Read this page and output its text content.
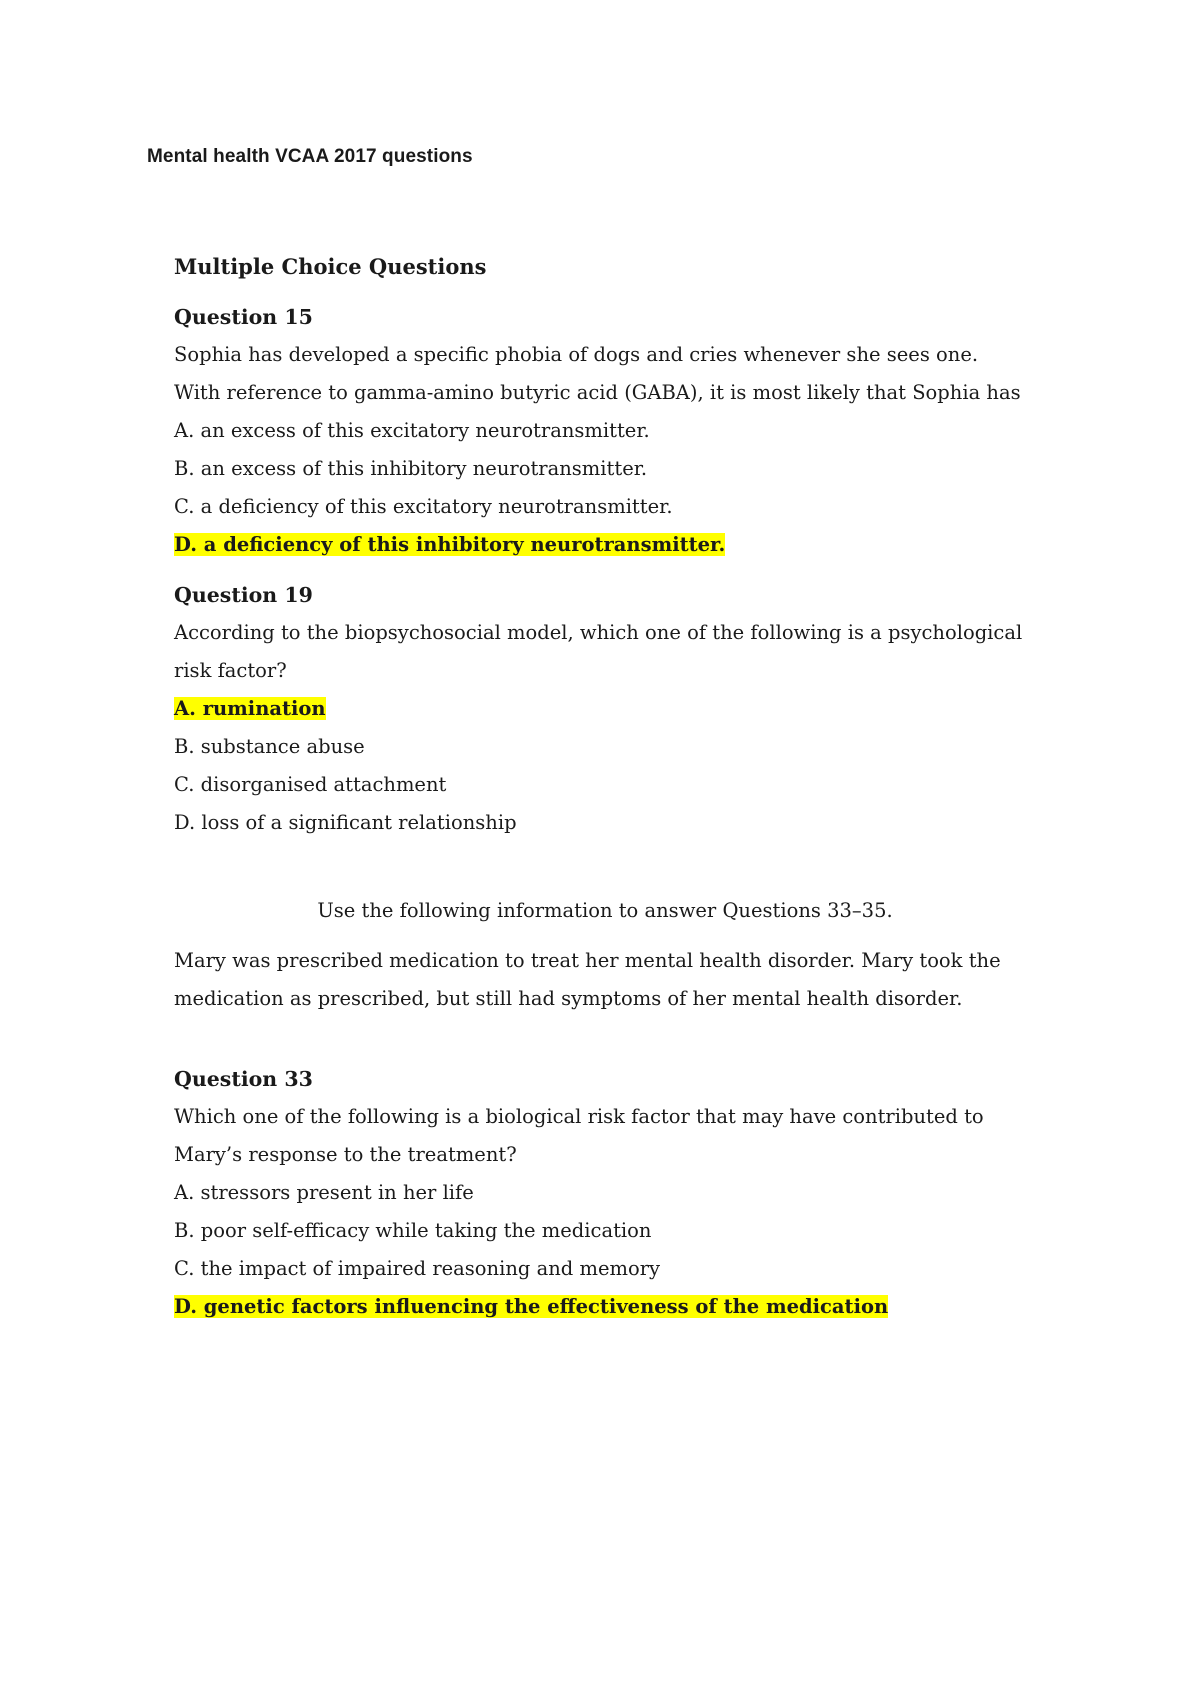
Mental health VCAA 2017 questions
Multiple Choice Questions

Question 15

Sophia has developed a specific phobia of dogs and cries whenever she sees one.

With reference to gamma-amino butyric acid (GABA), it is most likely that Sophia has

A. an excess of this excitatory neurotransmitter.

B. an excess of this inhibitory neurotransmitter.

C. a deficiency of this excitatory neurotransmitter.

D. a deficiency of this inhibitory neurotransmitter.

Question 19

According to the biopsychosocial model, which one of the following is a psychological

risk factor?

A. rumination

B. substance abuse

C. disorganised attachment

D. loss of a significant relationship

Use the following information to answer Questions 33–35.

Mary was prescribed medication to treat her mental health disorder. Mary took the

medication as prescribed, but still had symptoms of her mental health disorder.

Question 33

Which one of the following is a biological risk factor that may have contributed to

Mary’s response to the treatment?

A. stressors present in her life

B. poor self-efficacy while taking the medication

C. the impact of impaired reasoning and memory

D. genetic factors influencing the effectiveness of the medication
